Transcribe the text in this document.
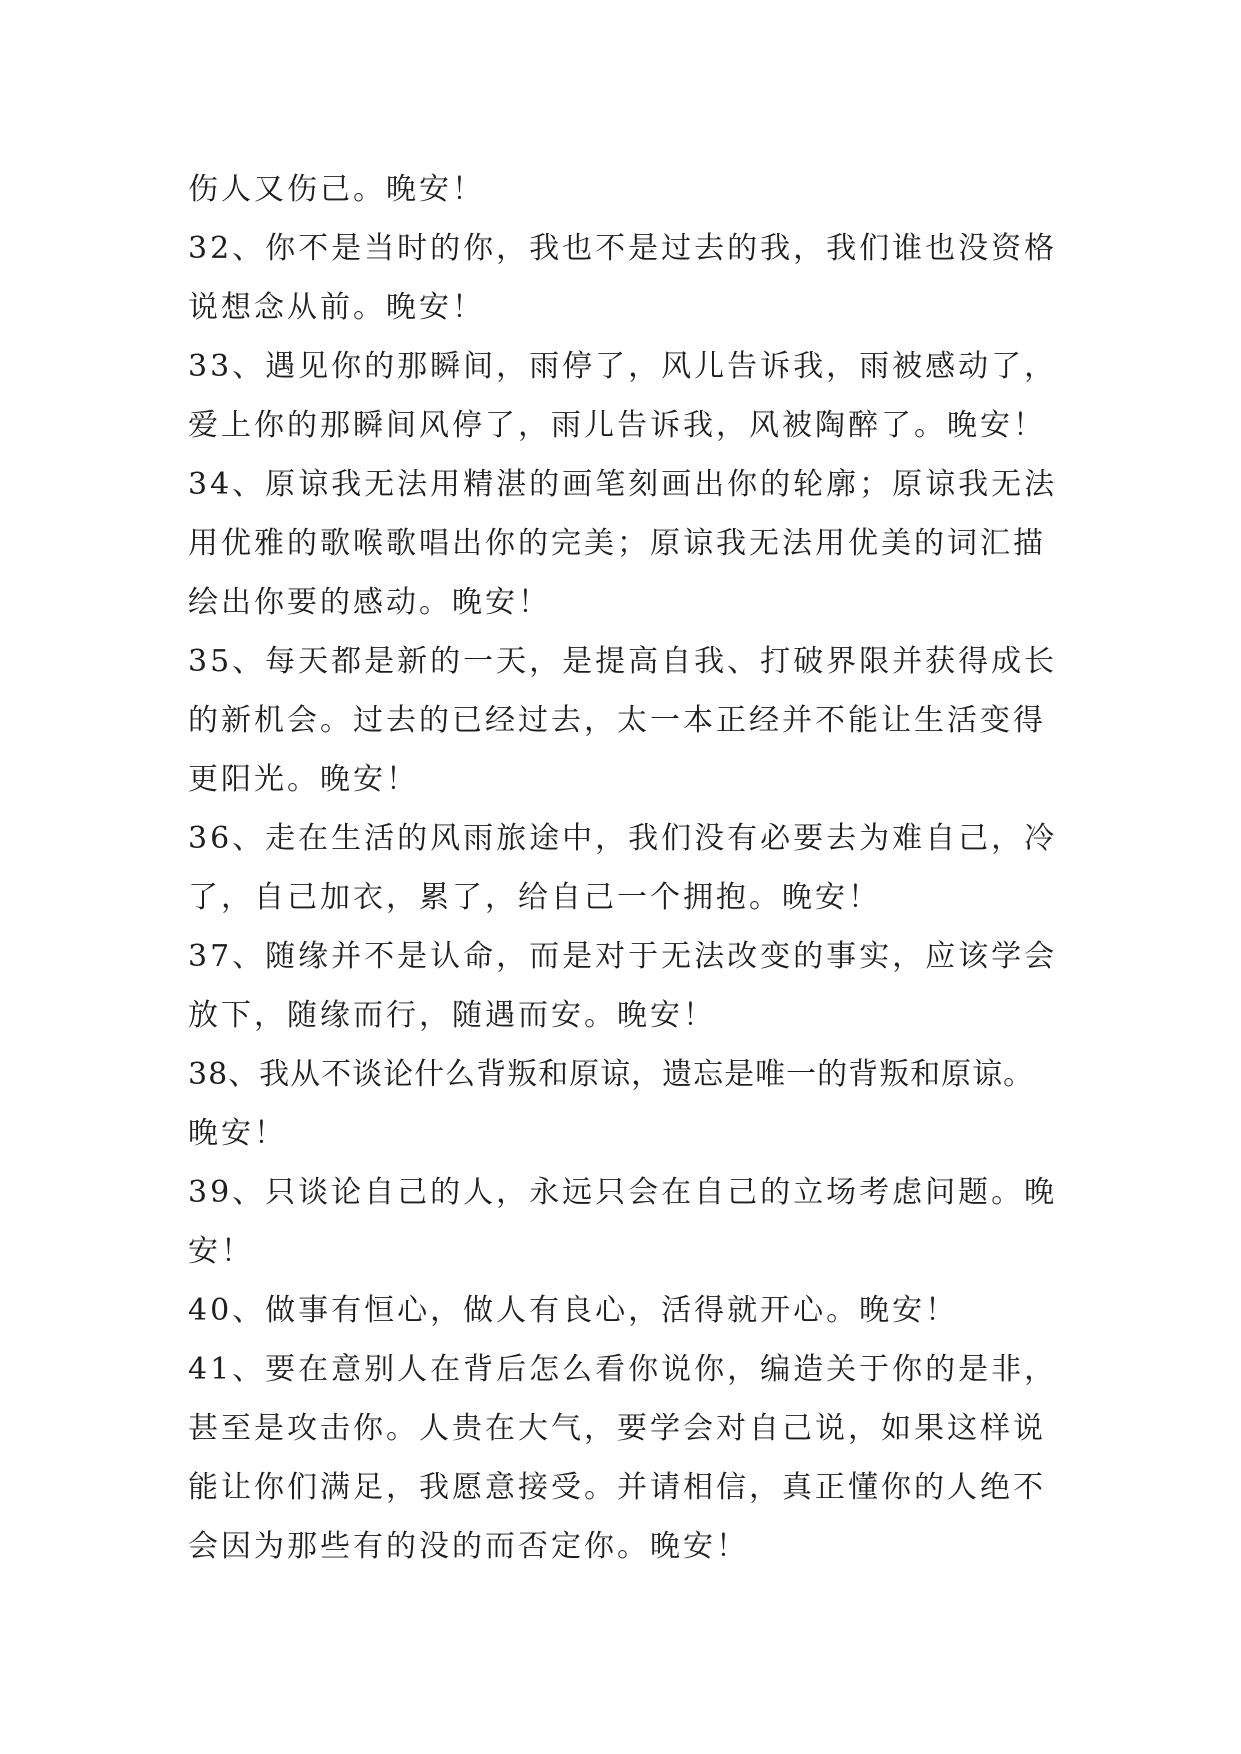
伤人又伤己。晚安！
32、你不是当时的你，我也不是过去的我，我们谁也没资格
说想念从前。晚安！
33、遇见你的那瞬间，雨停了，风儿告诉我，雨被感动了，
爱上你的那瞬间风停了，雨儿告诉我，风被陶醉了。晚安！
34、原谅我无法用精湛的画笔刻画出你的轮廓；原谅我无法
用优雅的歌喉歌唱出你的完美；原谅我无法用优美的词汇描
绘出你要的感动。晚安！
35、每天都是新的一天，是提高自我、打破界限并获得成长
的新机会。过去的已经过去，太一本正经并不能让生活变得
更阳光。晚安！
36、走在生活的风雨旅途中，我们没有必要去为难自己，冷
了，自己加衣，累了，给自己一个拥抱。晚安！
37、随缘并不是认命，而是对于无法改变的事实，应该学会
放下，随缘而行，随遇而安。晚安！
38、我从不谈论什么背叛和原谅，遗忘是唯一的背叛和原谅。
晚安！
39、只谈论自己的人，永远只会在自己的立场考虑问题。晚
安！
40、做事有恒心，做人有良心，活得就开心。晚安！
41、要在意别人在背后怎么看你说你，编造关于你的是非，
甚至是攻击你。人贵在大气，要学会对自己说，如果这样说
能让你们满足，我愿意接受。并请相信，真正懂你的人绝不
会因为那些有的没的而否定你。晚安！
